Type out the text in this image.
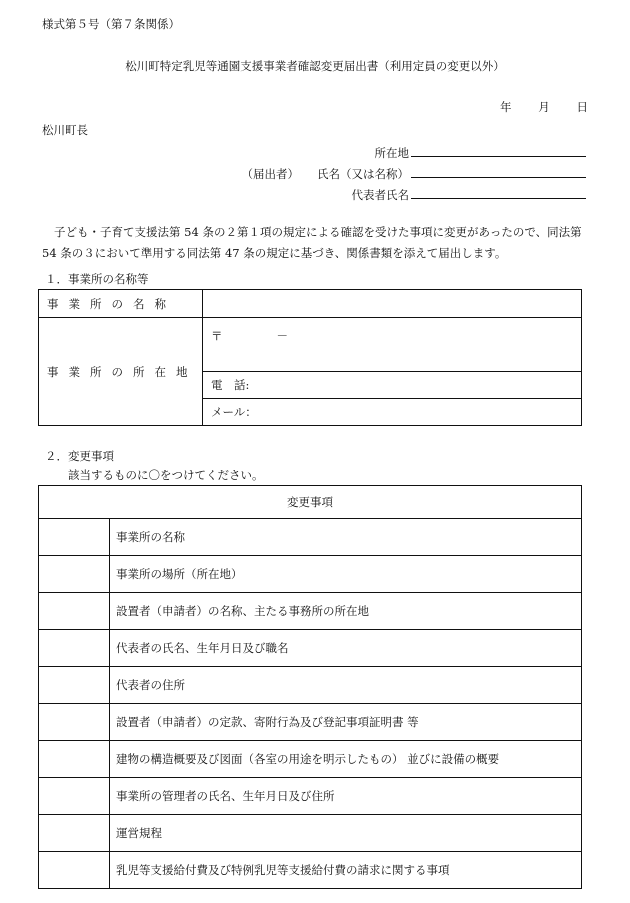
様式第５号（第７条関係）
松川町特定乳児等通園支援事業者確認変更届出書（利用定員の変更以外）
年 月 日
松川町長
所在地
（届出者） 氏名（又は名称）
代表者氏名
子ども・子育て支援法第 54 条の２第１項の規定による確認を受けた事項に変更があったので、同法第 54 条の３において準用する同法第 47 条の規定に基づき、関係書類を添えて届出します。
１．事業所の名称等
事業所の名称	
事業所の所在地	〒 －
	電　話:
	メール：
２．変更事項
該当するものに〇をつけてください。
変更事項	
	事業所の名称
	事業所の場所（所在地）
	設置者（申請者）の名称、主たる事務所の所在地
	代表者の氏名、生年月日及び職名
	代表者の住所
	設置者（申請者）の定款、寄附行為及び登記事項証明書 等
	建物の構造概要及び図面（各室の用途を明示したもの） 並びに設備の概要
	事業所の管理者の氏名、生年月日及び住所
	運営規程
	乳児等支援給付費及び特例乳児等支援給付費の請求に関する事項
